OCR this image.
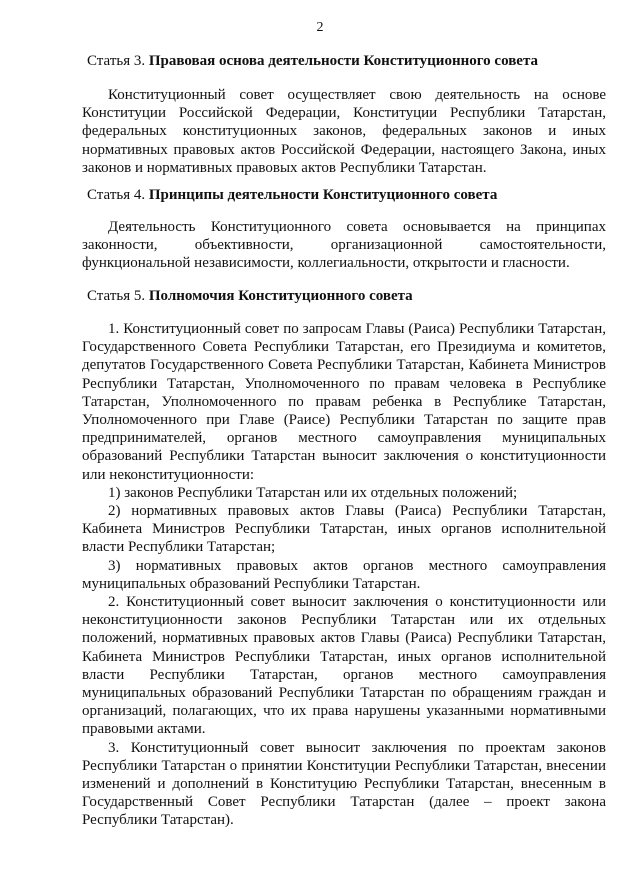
2
Статья 3. Правовая основа деятельности Конституционного совета

Конституционный совет осуществляет свою деятельность на основе Конституции Российской Федерации, Конституции Республики Татарстан, федеральных конституционных законов, федеральных законов и иных нормативных правовых актов Российской Федерации, настоящего Закона, иных законов и нормативных правовых актов Республики Татарстан.

Статья 4. Принципы деятельности Конституционного совета

Деятельность Конституционного совета основывается на принципах законности, объективности, организационной самостоятельности, функциональной независимости, коллегиальности, открытости и гласности.

Статья 5. Полномочия Конституционного совета

1. Конституционный совет по запросам Главы (Раиса) Республики Татарстан, Государственного Совета Республики Татарстан, его Президиума и комитетов, депутатов Государственного Совета Республики Татарстан, Кабинета Министров Республики Татарстан, Уполномоченного по правам человека в Республике Татарстан, Уполномоченного по правам ребенка в Республике Татарстан, Уполномоченного при Главе (Раисе) Республики Татарстан по защите прав предпринимателей, органов местного самоуправления муниципальных образований Республики Татарстан выносит заключения о конституционности или неконституционности:

1) законов Республики Татарстан или их отдельных положений;

2) нормативных правовых актов Главы (Раиса) Республики Татарстан, Кабинета Министров Республики Татарстан, иных органов исполнительной власти Республики Татарстан;

3) нормативных правовых актов органов местного самоуправления муниципальных образований Республики Татарстан.

2. Конституционный совет выносит заключения о конституционности или неконституционности законов Республики Татарстан или их отдельных положений, нормативных правовых актов Главы (Раиса) Республики Татарстан, Кабинета Министров Республики Татарстан, иных органов исполнительной власти Республики Татарстан, органов местного самоуправления муниципальных образований Республики Татарстан по обращениям граждан и организаций, полагающих, что их права нарушены указанными нормативными правовыми актами.

3. Конституционный совет выносит заключения по проектам законов Республики Татарстан о принятии Конституции Республики Татарстан, внесении изменений и дополнений в Конституцию Республики Татарстан, внесенным в Государственный Совет Республики Татарстан (далее – проект закона Республики Татарстан).
